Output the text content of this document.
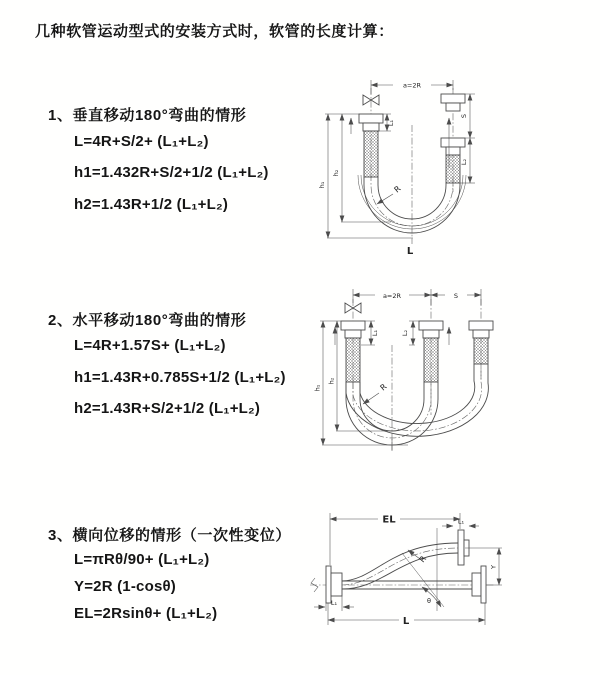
几种软管运动型式的安装方式时，软管的长度计算：
1、垂直移动180°弯曲的情形
L=4R+S/2+ (L₁+L₂)
h1=1.432R+S/2+1/2 (L₁+L₂)
h2=1.43R+1/2 (L₁+L₂)
2、水平移动180°弯曲的情形
L=4R+1.57S+ (L₁+L₂)
h1=1.43R+0.785S+1/2 (L₁+L₂)
h2=1.43R+S/2+1/2 (L₁+L₂)
3、横向位移的情形（一次性变位）
L=πRθ/90+ (L₁+L₂)
Y=2R (1-cosθ)
EL=2Rsinθ+ (L₁+L₂)
a=2R
h₁
h₂
L₁
S
L₂
R
L
a=2R	S
L₁	L₂
h₁
h₂
R
EL	L₁
Y
θ
R
L
L₁
